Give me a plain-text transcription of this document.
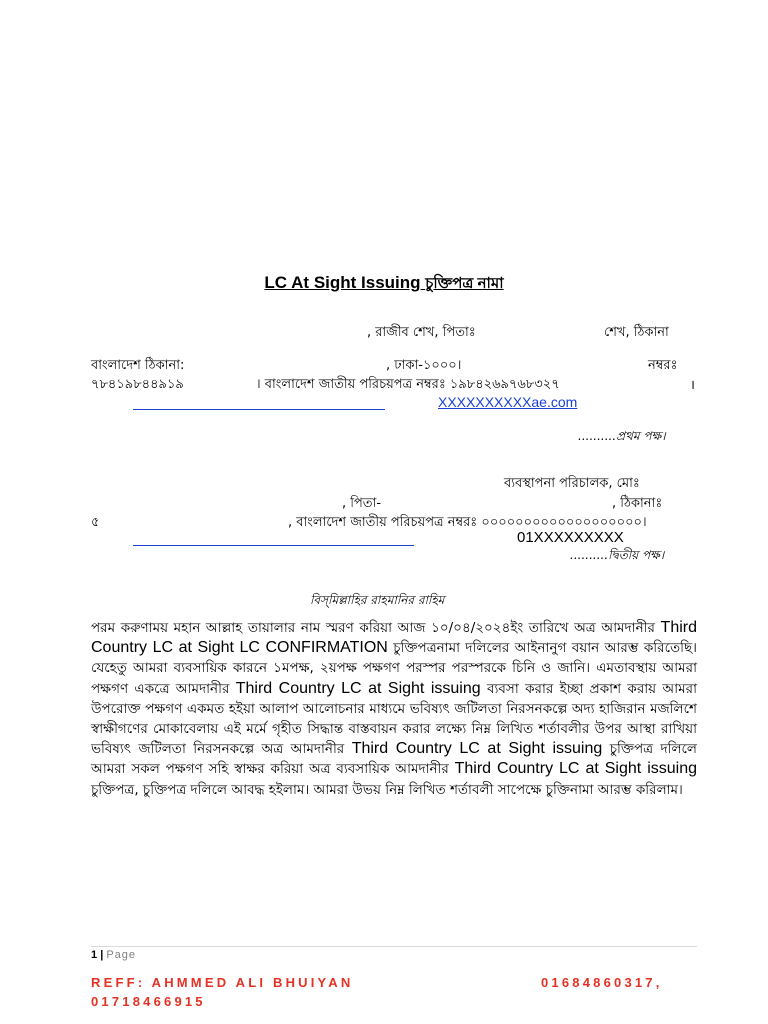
LC At Sight Issuing চুক্তিপত্র নামা
, রাজীব শেখ, পিতাঃ	শেখ, ঠিকানা
বাংলাদেশ ঠিকানা:	, ঢাকা-১০০০।	নম্বরঃ
৭৮৪১৯৮৪৪৯১৯	। বাংলাদেশ জাতীয় পরিচয়পত্র নম্বরঃ ১৯৮৪২৬৯৭৬৮৩২৭	।
XXXXXXXXXXae.com
..........প্রথম পক্ষ।
ব্যবস্থাপনা পরিচালক, মোঃ
, পিতা-	, ঠিকানাঃ
৫	, বাংলাদেশ জাতীয় পরিচয়পত্র নম্বরঃ ০০০০০০০০০০০০০০০০০০০।
01XXXXXXXXX
..........দ্বিতীয় পক্ষ।
বিস্‌মিল্লাহির রাহমানির রাহিম
পরম করুণাময় মহান আল্লাহ তায়ালার নাম স্মরণ করিয়া আজ ১০/০৪/২০২৪ইং তারিখে অত্র আমদানীর Third Country LC at Sight LC CONFIRMATION চুক্তিপত্রনামা দলিলের আইনানুগ বয়ান আরম্ভ করিতেছি। যেহেতু আমরা ব্যবসায়িক কারনে ১মপক্ষ, ২য়পক্ষ পক্ষগণ পরস্পর পরস্পরকে চিনি ও জানি। এমতাবস্থায় আমরা পক্ষগণ একত্রে আমদানীর Third Country LC at Sight issuing ব্যবসা করার ইচ্ছা প্রকাশ করায় আমরা উপরোক্ত পক্ষগণ একমত হইয়া আলাপ আলোচনার মাধ্যমে ভবিষ্যৎ জটিলতা নিরসনকল্পে অদ্য হাজিরান মজলিশে স্বাক্ষীগণের মোকাবেলায় এই মর্মে গৃহীত সিদ্ধান্ত বাস্তবায়ন করার লক্ষ্যে নিম্ন লিখিত শর্তাবলীর উপর আস্থা রাখিয়া ভবিষ্যৎ জটিলতা নিরসনকল্পে অত্র আমদানীর Third Country LC at Sight issuing চুক্তিপত্র দলিলে আমরা সকল পক্ষগণ সহি স্বাক্ষর করিয়া অত্র ব্যবসায়িক আমদানীর Third Country LC at Sight issuing চুক্তিপত্র, চুক্তিপত্র দলিলে আবদ্ধ হইলাম। আমরা উভয় নিম্ন লিখিত শর্তাবলী সাপেক্ষে চুক্তিনামা আরম্ভ করিলাম।
1 | Page
REFF: AHMMED ALI BHUIYAN	01684860317,
01718466915
